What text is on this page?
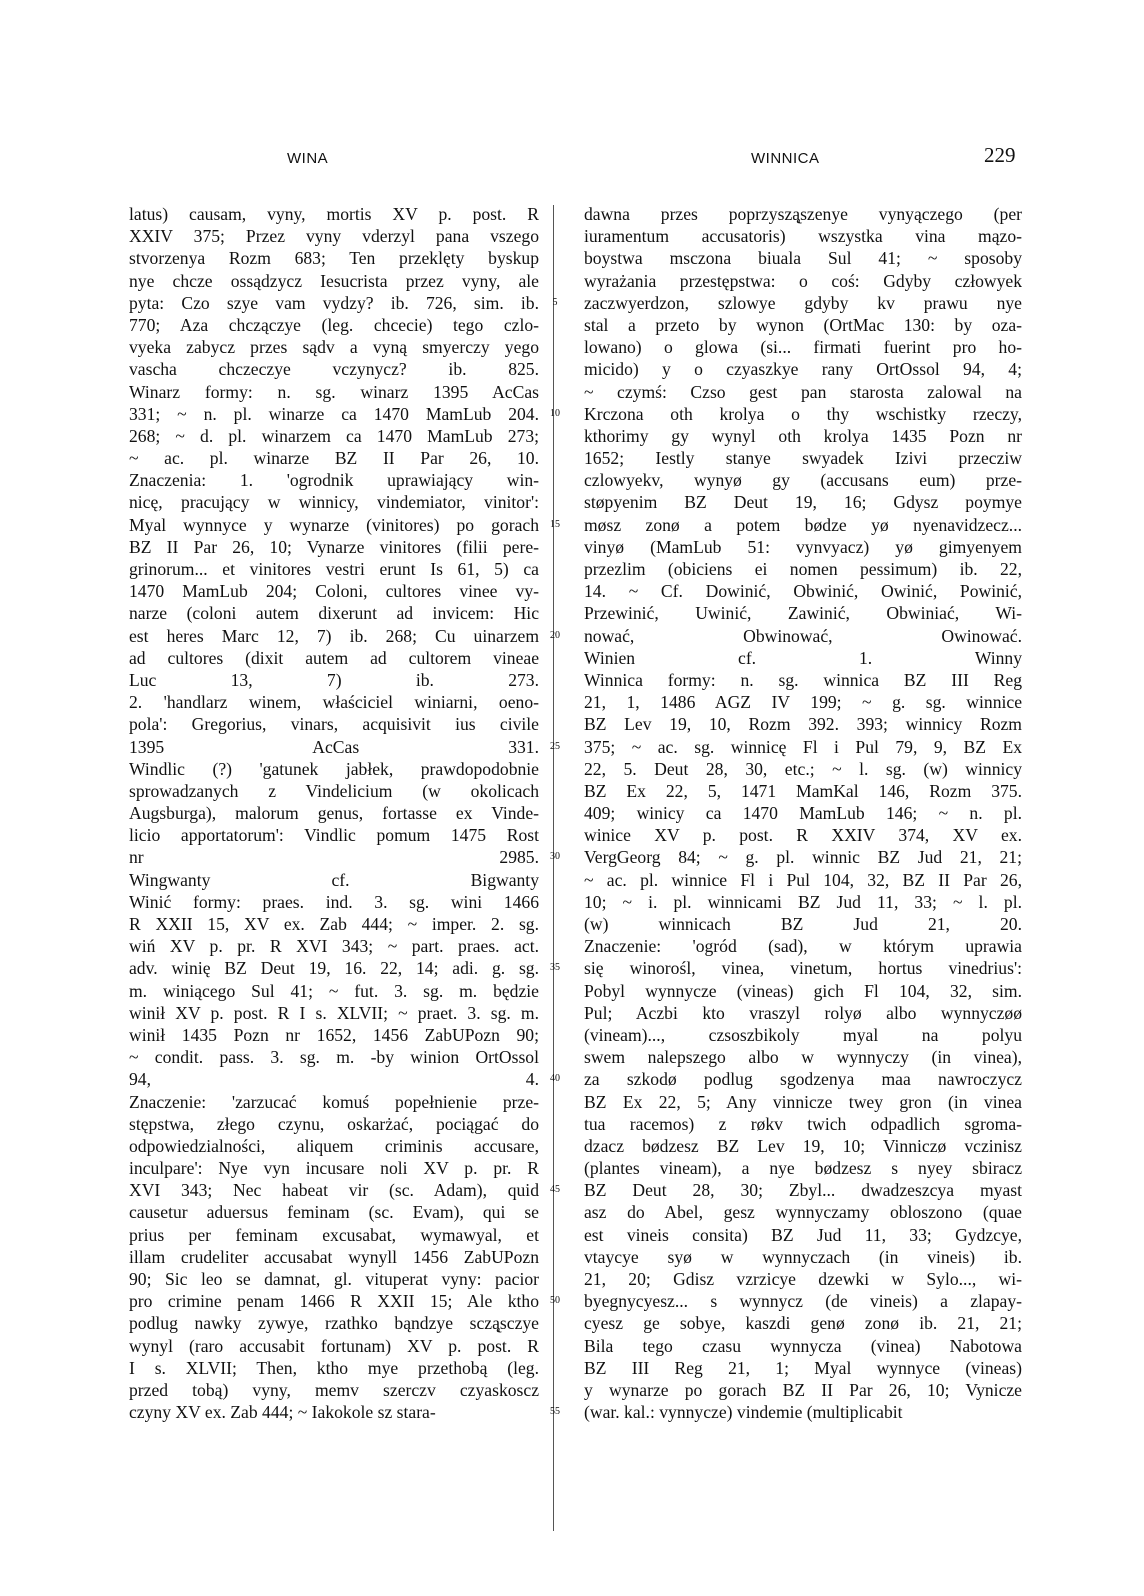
WINA	WINNICA	229
latus) causam, vyny, mortis XV p. post. R
XXIV 375; Przez vyny vderzyl pana vszego
stvorzenya Rozm 683; Ten przeklęty byskup
nye chcze ossądzycz Iesucrista przez vyny, ale
pyta: Czo szye vam vydzy? ib. 726, sim. ib.
770; Aza chczączye (leg. chcecie) tego czlo-
vyeka zabycz przes sądv a vyną smyerczy yego
vascha chczeczye vczynycz? ib. 825.
Winarz formy: n. sg. winarz 1395 AcCas
331; ~ n. pl. winarze ca 1470 MamLub 204.
268; ~ d. pl. winarzem ca 1470 MamLub 273;
~ ac. pl. winarze BZ II Par 26, 10.
Znaczenia: 1. 'ogrodnik uprawiający win-
nicę, pracujący w winnicy, vindemiator, vinitor':
Myal wynnyce y wynarze (vinitores) po gorach
BZ II Par 26, 10; Vynarze vinitores (filii pere-
grinorum... et vinitores vestri erunt Is 61, 5) ca
1470 MamLub 204; Coloni, cultores vinee vy-
narze (coloni autem dixerunt ad invicem: Hic
est heres Marc 12, 7) ib. 268; Cu uinarzem
ad cultores (dixit autem ad cultorem vineae
Luc 13, 7) ib. 273.
2. 'handlarz winem, właściciel winiarni, oeno-
pola': Gregorius, vinars, acquisivit ius civile
1395 AcCas 331.
Windlic (?) 'gatunek jabłek, prawdopodobnie
sprowadzanych z Vindelicium (w okolicach
Augsburga), malorum genus, fortasse ex Vinde-
licio apportatorum': Vindlic pomum 1475 Rost
nr 2985.
Wingwanty cf. Bigwanty
Winić formy: praes. ind. 3. sg. wini 1466
R XXII 15, XV ex. Zab 444; ~ imper. 2. sg.
wiń XV p. pr. R XVI 343; ~ part. praes. act.
adv. winię BZ Deut 19, 16. 22, 14; adi. g. sg.
m. winiącego Sul 41; ~ fut. 3. sg. m. będzie
winił XV p. post. R I s. XLVII; ~ praet. 3. sg. m.
winił 1435 Pozn nr 1652, 1456 ZabUPozn 90;
~ condit. pass. 3. sg. m. -by winion OrtOssol
94, 4.
Znaczenie: 'zarzucać komuś popełnienie prze-
stępstwa, złego czynu, oskarżać, pociągać do
odpowiedzialności, aliquem criminis accusare,
inculpare': Nye vyn incusare noli XV p. pr. R
XVI 343; Nec habeat vir (sc. Adam), quid
causetur aduersus feminam (sc. Evam), qui se
prius per feminam excusabat, wymawyal, et
illam crudeliter accusabat wynyll 1456 ZabUPozn
90; Sic leo se damnat, gl. vituperat vyny: pacior
pro crimine penam 1466 R XXII 15; Ale ktho
podlug nawky zywye, rzathko bąndzye sczą̨sczye
wynyl (raro accusabit fortunam) XV p. post. R
I s. XLVII; Then, ktho mye przethobą (leg.
przed tobą) vyny, memv szerczv czyaskoscz
czyny XV ex. Zab 444; ~ Iakokole sz stara-
5
10
15
20
25
30
35
40
45
50
55
dawna przes poprzyszą̨szenye vynyączego (per
iuramentum accusatoris) wszystka vina mązo-
boystwa msczona biuala Sul 41; ~ sposoby
wyrażania przestępstwa: o coś: Gdyby człowyek
zaczwyerdzon, szlowye gdyby kv prawu nye
stal a przeto by wynon (OrtMac 130: by oza-
lowano) o glowa (si... firmati fuerint pro ho-
micido) y o czyaszkye rany OrtOssol 94, 4;
~ czymś: Czso gest pan starosta zalowal na
Krczona oth krolya o thy wschistky rzeczy,
kthorimy gy wynyl oth krolya 1435 Pozn nr
1652; Iestly stanye swyadek Izivi przecziw
czlowyekv, wynyø gy (accusans eum) prze-
støpyenim BZ Deut 19, 16; Gdysz poymye
møsz zonø a potem bødze yø nyenavidzecz...
vinyø (MamLub 51: vynvyacz) yø gimyenyem
przezlim (obiciens ei nomen pessimum) ib. 22,
14. ~ Cf. Dowinić, Obwinić, Owinić, Powinić,
Przewinić, Uwinić, Zawinić, Obwiniać, Wi-
nować, Obwinować, Owinować.
Winien cf. 1. Winny
Winnica formy: n. sg. winnica BZ III Reg
21, 1, 1486 AGZ IV 199; ~ g. sg. winnice
BZ Lev 19, 10, Rozm 392. 393; winnicy Rozm
375; ~ ac. sg. winnicę Fl i Pul 79, 9, BZ Ex
22, 5. Deut 28, 30, etc.; ~ l. sg. (w) winnicy
BZ Ex 22, 5, 1471 MamKal 146, Rozm 375.
409; winicy ca 1470 MamLub 146; ~ n. pl.
winice XV p. post. R XXIV 374, XV ex.
VergGeorg 84; ~ g. pl. winnic BZ Jud 21, 21;
~ ac. pl. winnice Fl i Pul 104, 32, BZ II Par 26,
10; ~ i. pl. winnicami BZ Jud 11, 33; ~ l. pl.
(w) winnicach BZ Jud 21, 20.
Znaczenie: 'ogród (sad), w którym uprawia
się winorośl, vinea, vinetum, hortus vinedrius':
Pobyl wynnycze (vineas) gich Fl 104, 32, sim.
Pul; Aczbi kto vraszyl rolyø albo wynnyczøø
(vineam)..., czsoszbikoly myal na polyu
swem nalepszego albo w wynnyczy (in vinea),
za szkodø podlug sgodzenya maa nawroczycz
BZ Ex 22, 5; Any vinnicze twey gron (in vinea
tua racemos) z røkv twich odpadlich sgroma-
dzacz bødzesz BZ Lev 19, 10; Vinniczø vczinisz
(plantes vineam), a nye bødzesz s nyey sbiracz
BZ Deut 28, 30; Zbyl... dwadzeszcya myast
asz do Abel, gesz wynnyczamy obloszono (quae
est vineis consita) BZ Jud 11, 33; Gydzcye,
vtaycye syø w wynnyczach (in vineis) ib.
21, 20; Gdisz vzrzicye dzewki w Sylo..., wi-
byegnycyesz... s wynnycz (de vineis) a zlapay-
cyesz ge sobye, kaszdi genø zonø ib. 21, 21;
Bila tego czasu wynnycza (vinea) Nabotowa
BZ III Reg 21, 1; Myal wynnyce (vineas)
y wynarze po gorach BZ II Par 26, 10; Vynicze
(war. kal.: vynnycze) vindemie (multiplicabit
